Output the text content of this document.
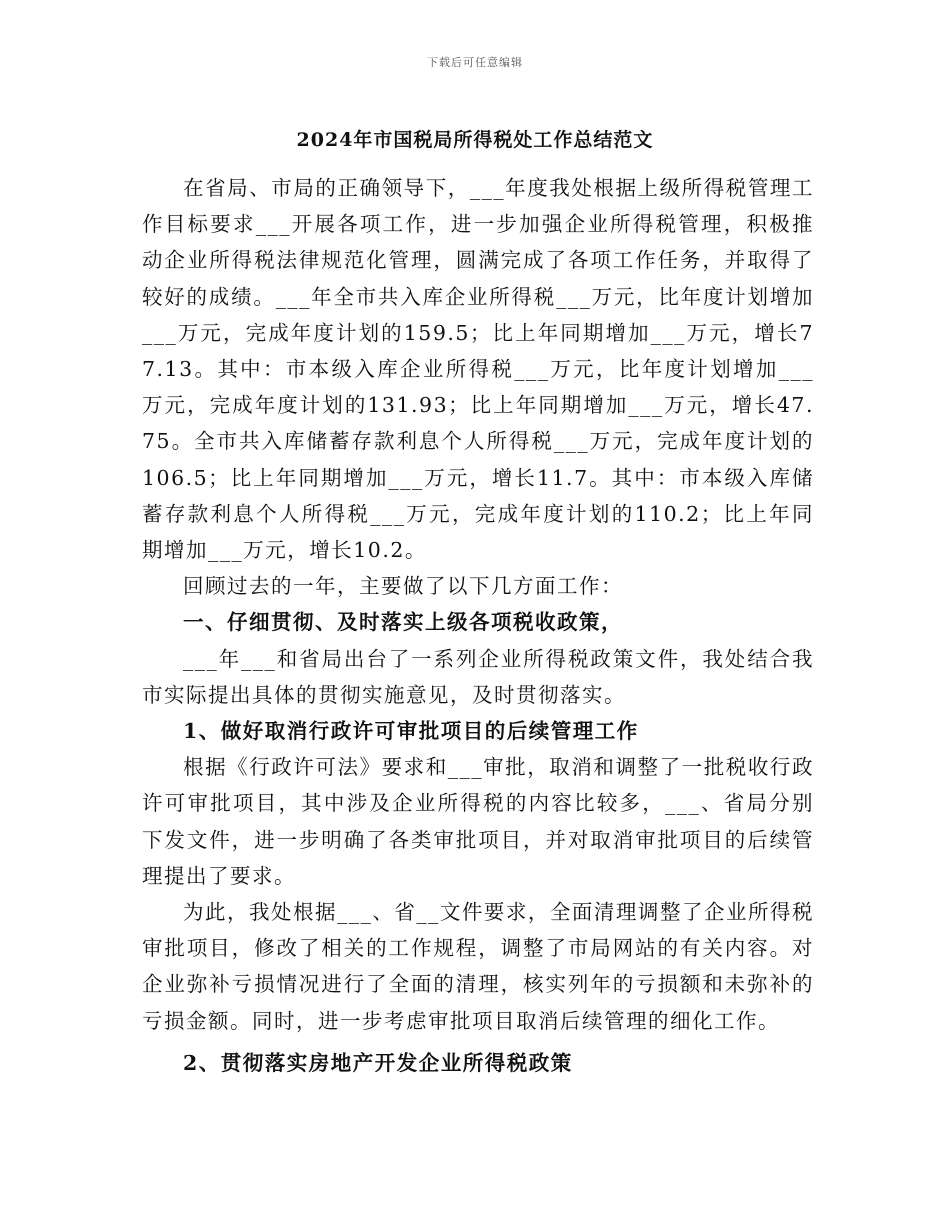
下载后可任意编辑
2024年市国税局所得税处工作总结范文

在省局、市局的正确领导下，___年度我处根据上级所得税管理工作目标要求___开展各项工作，进一步加强企业所得税管理，积极推动企业所得税法律规范化管理，圆满完成了各项工作任务，并取得了较好的成绩。___年全市共入库企业所得税___万元，比年度计划增加___万元，完成年度计划的159.5；比上年同期增加___万元，增长77.13。其中：市本级入库企业所得税___万元，比年度计划增加___万元，完成年度计划的131.93；比上年同期增加___万元，增长47.75。全市共入库储蓄存款利息个人所得税___万元，完成年度计划的106.5；比上年同期增加___万元，增长11.7。其中：市本级入库储蓄存款利息个人所得税___万元，完成年度计划的110.2；比上年同期增加___万元，增长10.2。

回顾过去的一年，主要做了以下几方面工作：

一、仔细贯彻、及时落实上级各项税收政策，

___年___和省局出台了一系列企业所得税政策文件，我处结合我市实际提出具体的贯彻实施意见，及时贯彻落实。

1、做好取消行政许可审批项目的后续管理工作

根据《行政许可法》要求和___审批，取消和调整了一批税收行政许可审批项目，其中涉及企业所得税的内容比较多，___、省局分别下发文件，进一步明确了各类审批项目，并对取消审批项目的后续管理提出了要求。

为此，我处根据___、省__文件要求，全面清理调整了企业所得税审批项目，修改了相关的工作规程，调整了市局网站的有关内容。对企业弥补亏损情况进行了全面的清理，核实列年的亏损额和未弥补的亏损金额。同时，进一步考虑审批项目取消后续管理的细化工作。

2、贯彻落实房地产开发企业所得税政策
